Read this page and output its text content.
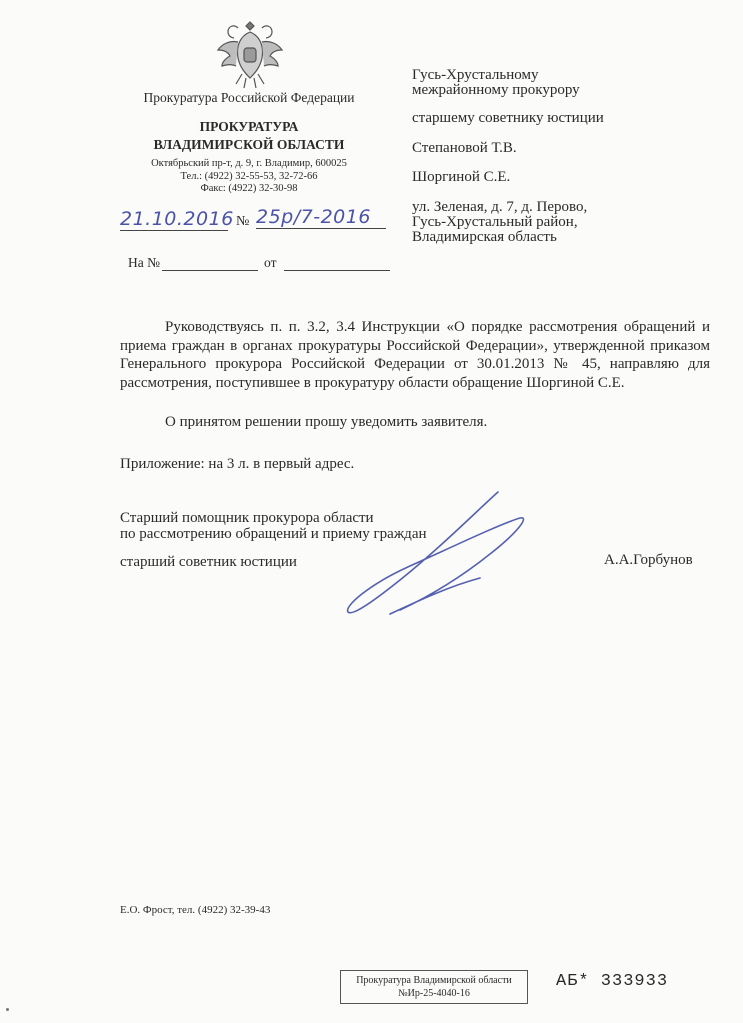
Прокуратура Российской Федерации
ПРОКУРАТУРА
ВЛАДИМИРСКОЙ ОБЛАСТИ
Октябрьский пр-т, д. 9, г. Владимир, 600025
Тел.: (4922) 32-55-53, 32-72-66
Факс: (4922) 32-30-98
21.10.2016 № 25р/7-2016
На №	от
Гусь-Хрустальному
межрайонному прокурору
старшему советнику юстиции
Степановой Т.В.
Шоргиной С.Е.
ул. Зеленая, д. 7, д. Перово,
Гусь-Хрустальный район,
Владимирская область
Руководствуясь п. п. 3.2, 3.4 Инструкции «О порядке рассмотрения обращений и приема граждан в органах прокуратуры Российской Федерации», утвержденной приказом Генерального прокурора Российской Федерации от 30.01.2013 № 45, направляю для рассмотрения, поступившее в прокуратуру области обращение Шоргиной С.Е.
О принятом решении прошу уведомить заявителя.
Приложение: на 3 л. в первый адрес.
Старший помощник прокурора области
по рассмотрению обращений и приему граждан
старший советник юстиции	А.А.Горбунов
Е.О. Фрост, тел. (4922) 32-39-43
Прокуратура Владимирской области
№Ир-25-4040-16
АБ* 333933
